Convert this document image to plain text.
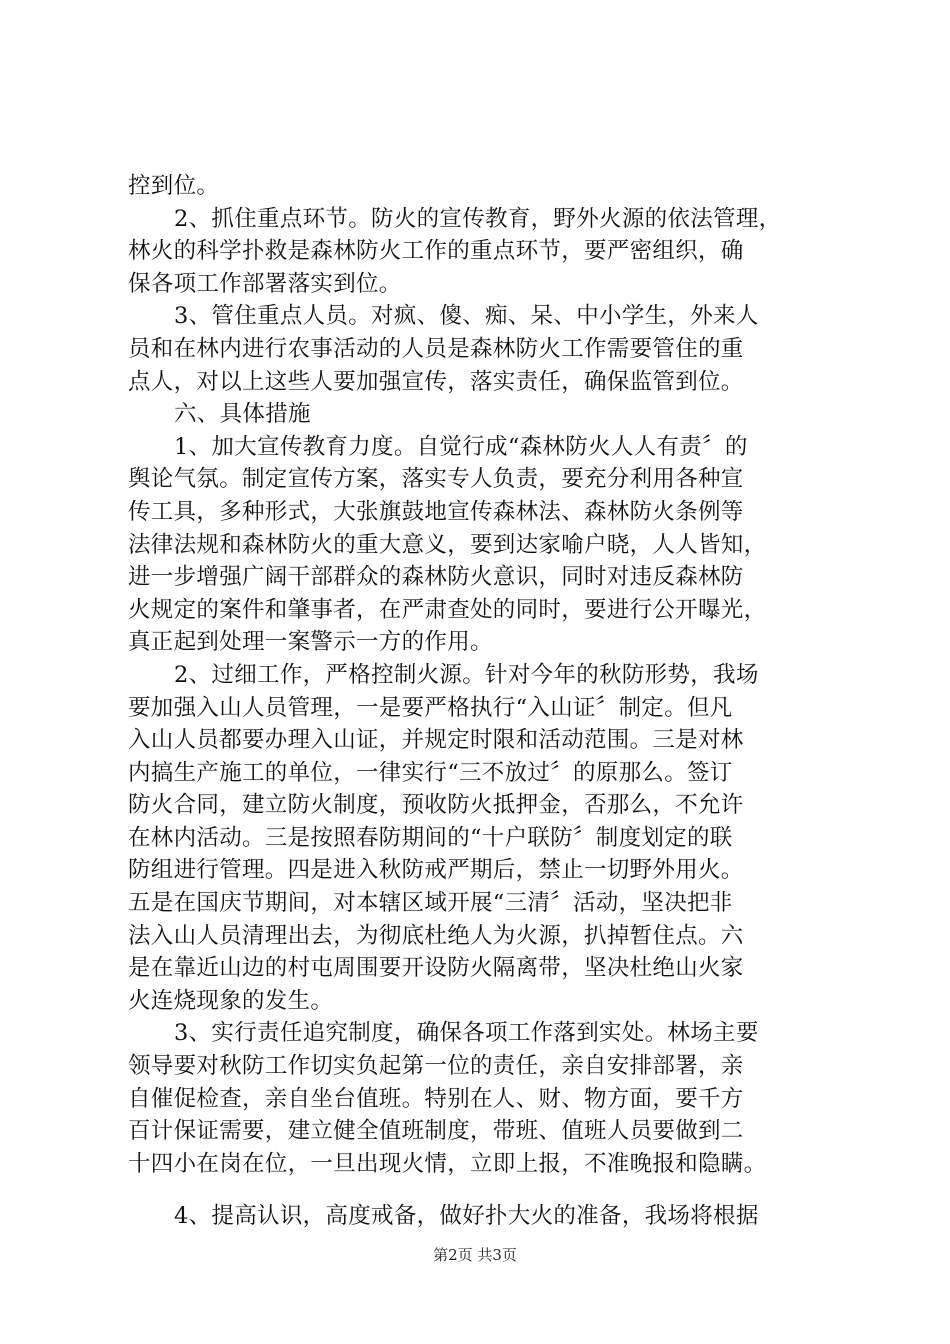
控到位。
2、抓住重点环节。防火的宣传教育，野外火源的依法管理，
林火的科学扑救是森林防火工作的重点环节，要严密组织，确
保各项工作部署落实到位。
3、管住重点人员。对疯、傻、痴、呆、中小学生，外来人
员和在林内进行农事活动的人员是森林防火工作需要管住的重
点人，对以上这些人要加强宣传，落实责任，确保监管到位。
六、具体措施
1、加大宣传教育力度。自觉行成“森林防火人人有责〞的
舆论气氛。制定宣传方案，落实专人负责，要充分利用各种宣
传工具，多种形式，大张旗鼓地宣传森林法、森林防火条例等
法律法规和森林防火的重大意义，要到达家喻户晓，人人皆知，
进一步增强广阔干部群众的森林防火意识，同时对违反森林防
火规定的案件和肇事者，在严肃查处的同时，要进行公开曝光，
真正起到处理一案警示一方的作用。
2、过细工作，严格控制火源。针对今年的秋防形势，我场
要加强入山人员管理，一是要严格执行“入山证〞制定。但凡
入山人员都要办理入山证，并规定时限和活动范围。三是对林
内搞生产施工的单位，一律实行“三不放过〞的原那么。签订
防火合同，建立防火制度，预收防火抵押金，否那么，不允许
在林内活动。三是按照春防期间的“十户联防〞制度划定的联
防组进行管理。四是进入秋防戒严期后，禁止一切野外用火。
五是在国庆节期间，对本辖区域开展“三清〞活动，坚决把非
法入山人员清理出去，为彻底杜绝人为火源，扒掉暂住点。六
是在靠近山边的村屯周围要开设防火隔离带，坚决杜绝山火家
火连烧现象的发生。
3、实行责任追究制度，确保各项工作落到实处。林场主要
领导要对秋防工作切实负起第一位的责任，亲自安排部署，亲
自催促检查，亲自坐台值班。特别在人、财、物方面，要千方
百计保证需要，建立健全值班制度，带班、值班人员要做到二
十四小在岗在位，一旦出现火情，立即上报，不准晚报和隐瞒。
4、提高认识，高度戒备，做好扑大火的准备，我场将根据
第2页 共3页
